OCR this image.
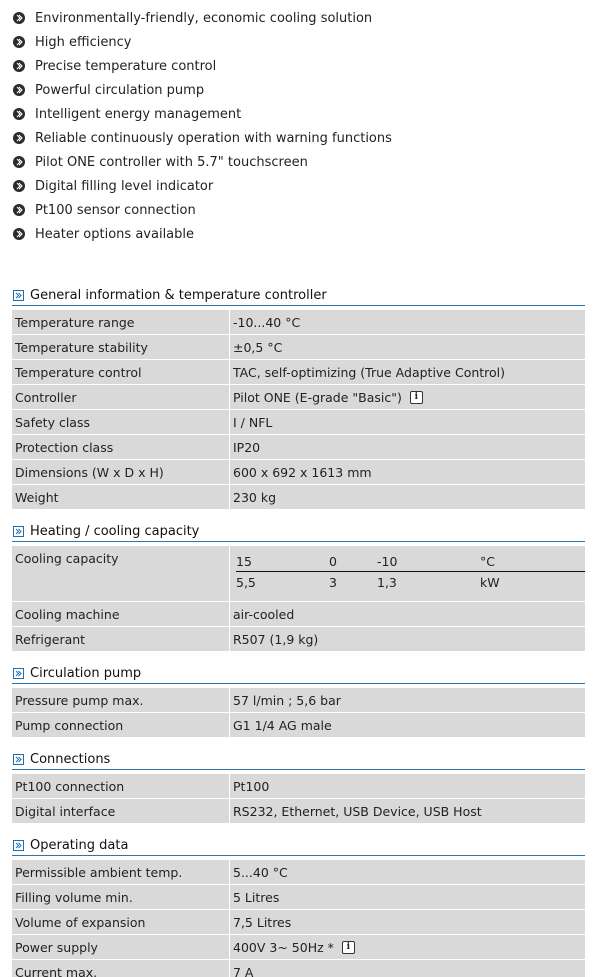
Environmentally-friendly, economic cooling solution
High efficiency
Precise temperature control
Powerful circulation pump
Intelligent energy management
Reliable continuously operation with warning functions
Pilot ONE controller with 5.7" touchscreen
Digital filling level indicator
Pt100 sensor connection
Heater options available
General information & temperature controller
Temperature range	-10...40 °C
Temperature stability	±0,5 °C
Temperature control	TAC, self-optimizing (True Adaptive Control)
Controller	Pilot ONE (E-grade "Basic")	i
Safety class	I / NFL
Protection class	IP20
Dimensions (W x D x H)	600 x 692 x 1613 mm
Weight	230 kg
Heating / cooling capacity
Cooling capacity	15	0	-10	°C
5,5	3	1,3	kW
Cooling machine	air-cooled
Refrigerant	R507 (1,9 kg)
Circulation pump
Pressure pump max.	57 l/min ; 5,6 bar
Pump connection	G1 1/4 AG male
Connections
Pt100 connection	Pt100
Digital interface	RS232, Ethernet, USB Device, USB Host
Operating data
Permissible ambient temp.	5...40 °C
Filling volume min.	5 Litres
Volume of expansion	7,5 Litres
Power supply	400V 3~ 50Hz *	i
Current max.	7 A
